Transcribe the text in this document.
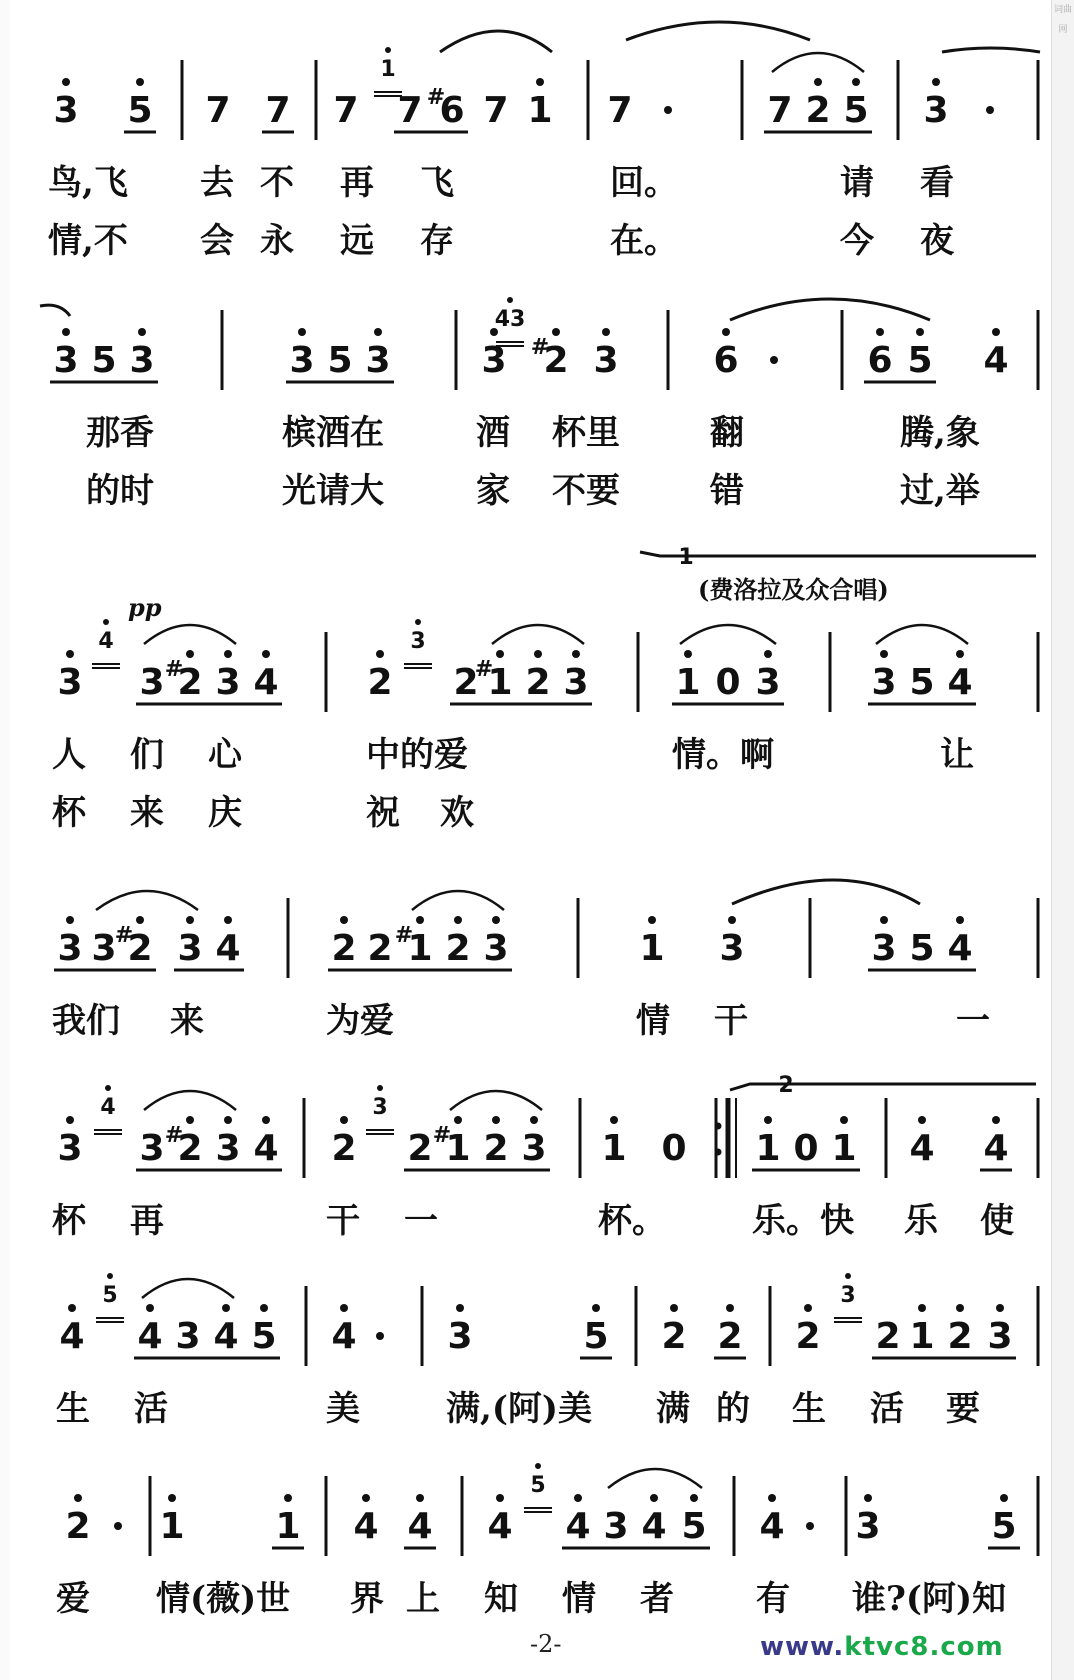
3 5 7 7 7 7 6
# 7 1 7	7 2 5 3
1
鸟,飞 去 不 再 飞	回。	请 看
情,不 会 永 远 存	在。	今 夜
3 5 3	3 5 3	3 2
# 3	6	6 5 4
43
那香	槟酒在	酒 杯里	翻	腾,象
的时	光请大	家 不要	错	过,举
3 3 2
# 3 4 2 2 1
# 2 3 1 0 3	3 5 4
4	3
人 们 心	中的爱	情。啊	让
杯 来 庆	祝 欢
3 3 2
# 3 4	2 2 1
# 2 3	1 3	3 5 4
我们 来	为爱	情 干	一
3 3 2
# 3 4 2 2 1
# 2 3 1 0 1 0 1 4 4
4	3
杯 再	干 一	杯。	乐。快 乐 使
4 4 3 4 5 4	3	5 2 2 2 2 1 2 3
5	3
生 活	美	满,(阿)美 满 的 生 活 要
2 1	1 4 4 4 4 3 4 5 4 3	5
5
爱 情(薇)世 界 上 知 情 者 有 谁?(阿)知
1
(费洛拉及众合唱)
pp
2
词曲网
-2-	www.ktvc8.com
